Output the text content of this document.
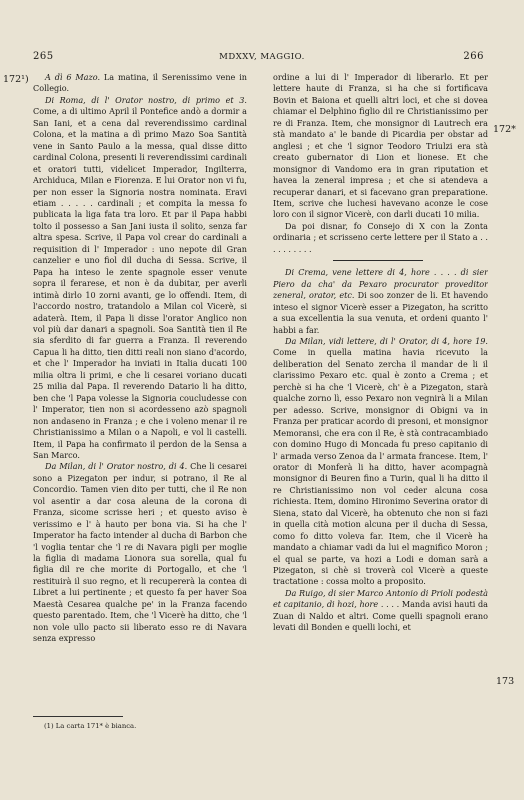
265	MDXXV, MAGGIO.	266
172¹)
172*
173

A dì 6 Mazo. La matina, il Serenissimo vene in Collegio.

Di Roma, di l' Orator nostro, di primo et 3. Come, a di ultimo April il Pontefice andò a dormir a San Iani, et a cena dal reverendissimo cardinal Colona, et la matina a dì primo Mazo Soa Santità vene in Santo Paulo a la messa, qual disse ditto cardinal Colona, presenti li reverendissimi cardinali et oratori tutti, videlicet Imperador, Ingilterra, Archiduca, Milan e Fiorenza. E lui Orator non vi fu, per non esser la Signoria nostra nominata. Eravi etiam . . . . . cardinali ; et compita la messa fo publicata la liga fata tra loro. Et par il Papa habbi tolto il possesso a San Jani iusta il solito, senza far altra spesa. Scrive, il Papa vol crear do cardinali a requisition di l' Imperador : uno nepote dil Gran canzelier e uno fiol dil ducha di Sessa. Scrive, il Papa ha inteso le zente spagnole esser venute sopra il ferarese, et non è da dubitar, per averli intimà dirlo 10 zorni avanti, ge lo offendi. Item, di l'accordo nostro, tratandolo a Milan col Vicerè, si adaterà. Item, il Papa li disse l'orator Anglico non vol più dar danari a spagnoli. Soa Santità tien il Re sia sferdito di far guerra a Franza. Il reverendo Capua li ha ditto, tien ditti reali non siano d'acordo, et che l' Imperador ha inviati in Italia ducati 100 milia oltra li primi, e che li cesarei voriano ducati 25 milia dal Papa. Il reverendo Datario li ha ditto, ben che 'l Papa volesse la Signoria coucludesse con l' Imperator, tien non si acordesseno azò spagnoli non andaseno in Franza ; e che i voleno menar il re Christianissimo a Milan o a Napoli, e vol li castelli. Item, il Papa ha confirmato il perdon de la Sensa a San Marco.

Da Milan, di l' Orator nostro, di 4. Che li cesarei sono a Pizegaton per indur, si potrano, il Re al Concordio. Tamen vien dito per tutti, che il Re non vol asentir a dar cosa aleuna de la corona di Franza, sicome scrisse heri ; et questo aviso è verissimo e l' à hauto per bona via. Si ha che l' Imperator ha facto intender al ducha di Barbon che 'l voglia tentar che 'l re di Navara pigli per moglie la figlia di madama Lionora sua sorella, qual fu figlia dil re che morite di Portogallo, et che 'l restituirà il suo regno, et li recupererà la contea di Libret a lui pertinente ; et questo fa per haver Soa Maestà Cesarea qualche pe' in la Franza facendo questo parentado. Item, che 'l Vicerè ha ditto, che 'l non vole ullo pacto sii liberato esso re di Navara senza expresso

ordine a lui di l' Imperador di liberarlo. Et per lettere haute di Franza, si ha che si fortificava Bovin et Baiona et quelli altri loci, et che si dovea chiamar el Delphino figlio dil re Christianissimo per re di Franza. Item, che monsignor di Lautrech era stà mandato a' le bande di Picardia per obstar ad anglesi ; et che 'l signor Teodoro Triulzi era stà creato gubernator di Lion et lionese. Et che monsignor di Vandomo era in gran riputation et havea la zeneral impresa ; et che si atendeva a recuperar danari, et si facevano gran preparatione. Item, scrive che luchesi havevano aconze le cose loro con il signor Vicerè, con darli ducati 10 milia.

Da poi disnar, fo Consejo di X con la Zonta ordinaria ; et scrisseno certe lettere per il Stato a . . . . . . . . . .

Di Crema, vene lettere di 4, hore . . . . di sier Piero da cha' da Pexaro procurator proveditor zeneral, orator, etc. Di soo zonzer de li. Et havendo inteso el signor Vicerè esser a Pizegaton, ha scritto a sua excellentia la sua venuta, et ordeni quanto l' habbi a far.

Da Milan, vidi lettere, di l' Orator, di 4, hore 19. Come in quella matina havia ricevuto la deliberation del Senato zercha il mandar de li il clarissimo Pexaro etc. qual è zonto a Crema ; et perchè si ha che 'l Vicerè, ch' è a Pizegaton, starà qualche zorno lì, esso Pexaro non vegnirà li a Milan per adesso. Scrive, monsignor di Obigni va in Franza per praticar acordo di presoni, et monsignor Memoransi, che era con il Re, è stà contracambiado con domino Hugo di Moncada fu preso capitanio di l' armada verso Zenoa da l' armata francese. Item, l' orator di Monferà li ha ditto, haver acompagnà monsignor di Beuren fino a Turin, qual li ha ditto il re Christianissimo non vol ceder alcuna cosa richiesta. Item, domino Hironimo Severina orator di Siena, stato dal Vicerè, ha obtenuto che non si fazi in quella cità motion alcuna per il ducha di Sessa, como fo ditto voleva far. Item, che il Vicerè ha mandato a chiamar vadi da lui el magnifico Moron ; el qual se parte, va hozi a Lodi e doman sarà a Pizegaton, si chè si troverà col Vicerè a queste tractatione : cossa molto a proposito.

Da Ruigo, di sier Marco Antonio di Prioli podestà et capitanio, di hozi, hore . . . . Manda avisi hauti da Zuan di Naldo et altri. Come quelli spagnoli erano levati dil Bonden e quelli lochi, et

(1) La carta 171* è bianca.
